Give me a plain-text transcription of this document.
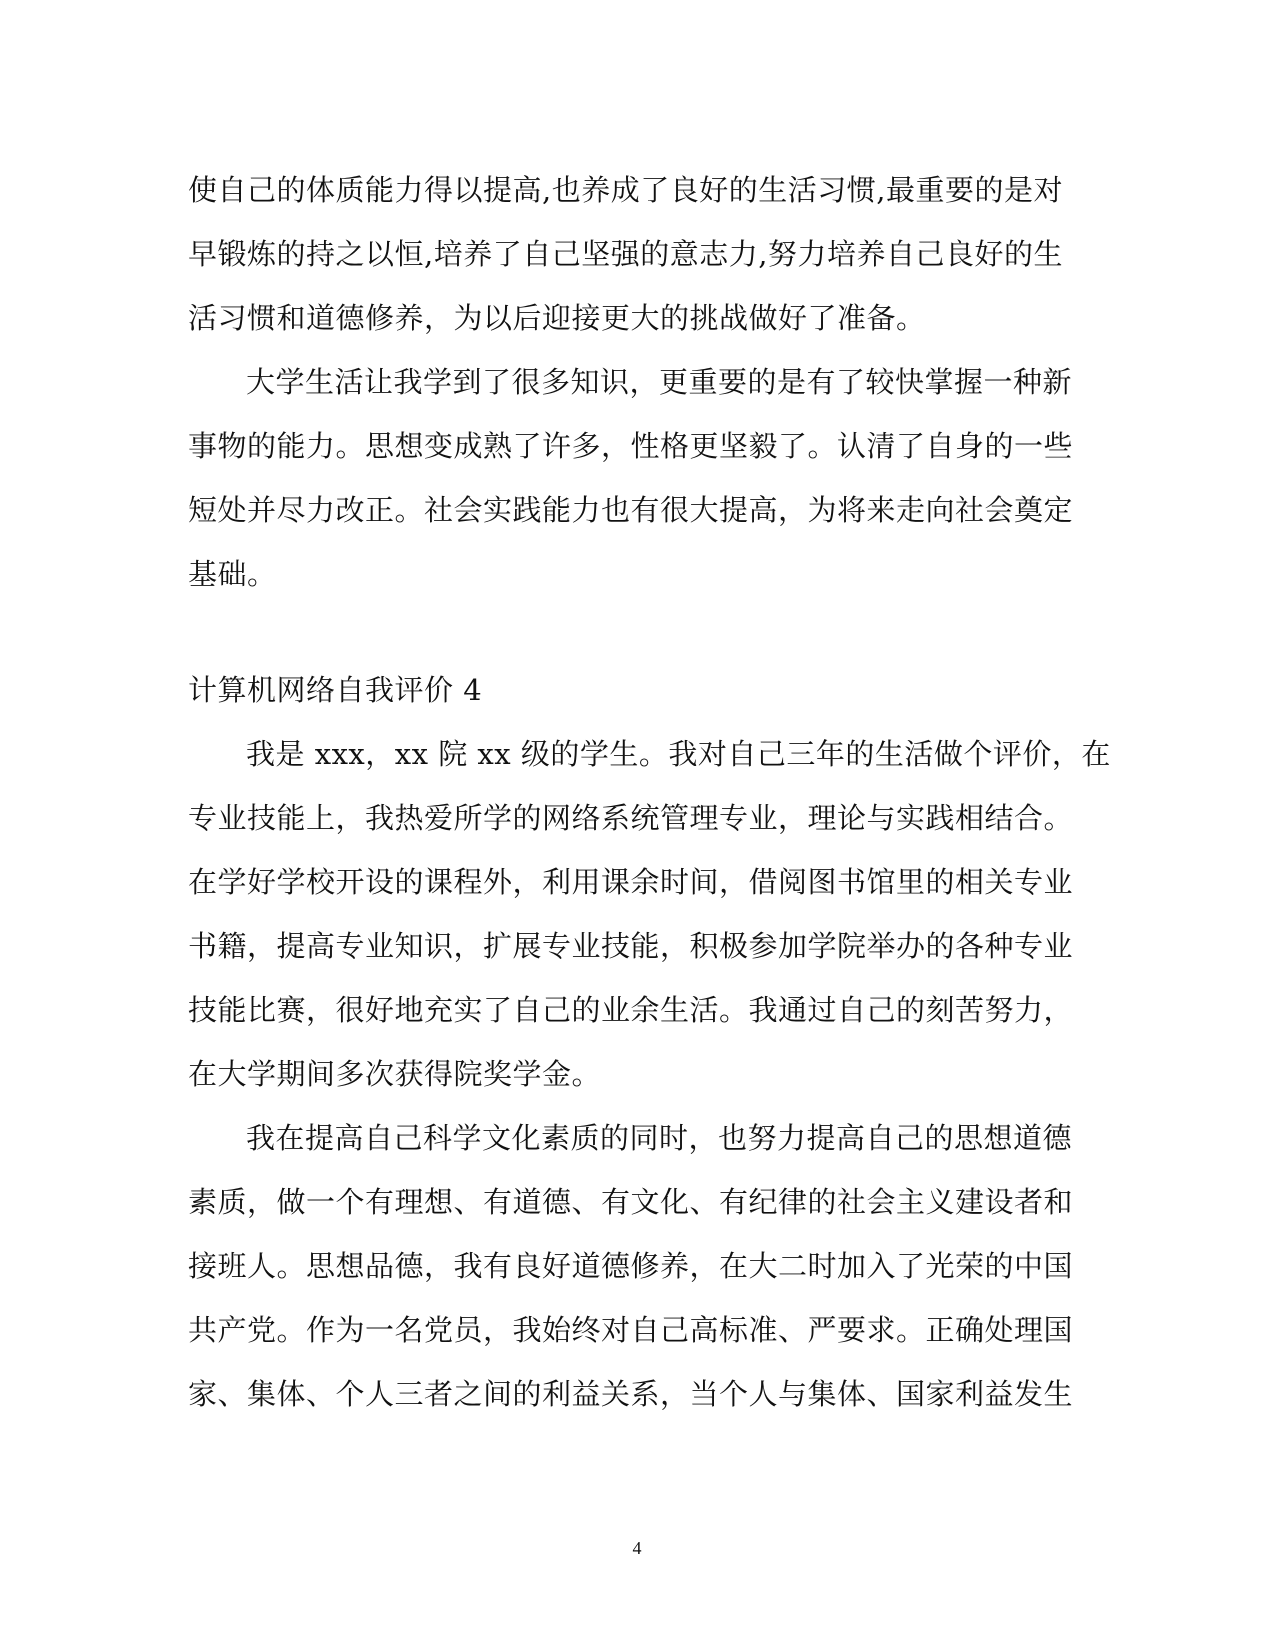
使自己的体质能力得以提高,也养成了良好的生活习惯,最重要的是对
早锻炼的持之以恒,培养了自己坚强的意志力,努力培养自己良好的生
活习惯和道德修养，为以后迎接更大的挑战做好了准备。
大学生活让我学到了很多知识，更重要的是有了较快掌握一种新
事物的能力。思想变成熟了许多，性格更坚毅了。认清了自身的一些
短处并尽力改正。社会实践能力也有很大提高，为将来走向社会奠定
基础。
计算机网络自我评价 4
我是 xxx，xx 院 xx 级的学生。我对自己三年的生活做个评价，在
专业技能上，我热爱所学的网络系统管理专业，理论与实践相结合。
在学好学校开设的课程外，利用课余时间，借阅图书馆里的相关专业
书籍，提高专业知识，扩展专业技能，积极参加学院举办的各种专业
技能比赛，很好地充实了自己的业余生活。我通过自己的刻苦努力，
在大学期间多次获得院奖学金。
我在提高自己科学文化素质的同时，也努力提高自己的思想道德
素质，做一个有理想、有道德、有文化、有纪律的社会主义建设者和
接班人。思想品德，我有良好道德修养，在大二时加入了光荣的中国
共产党。作为一名党员，我始终对自己高标准、严要求。正确处理国
家、集体、个人三者之间的利益关系，当个人与集体、国家利益发生
4
